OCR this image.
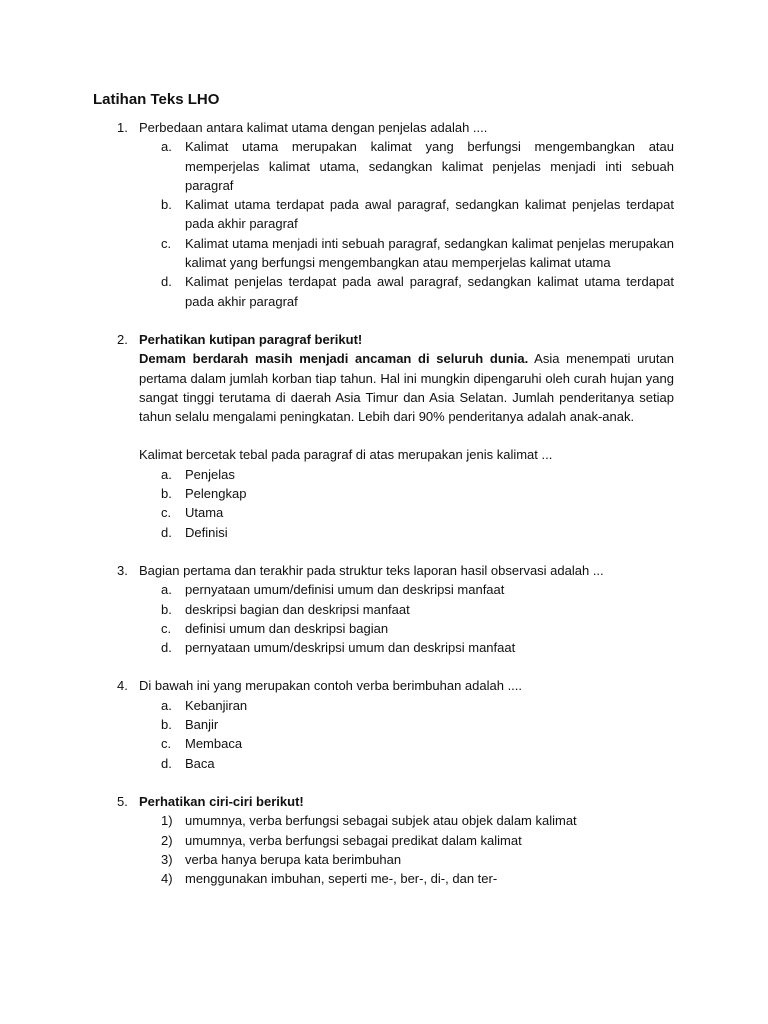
Latihan Teks LHO
1. Perbedaan antara kalimat utama dengan penjelas adalah ....
a. Kalimat utama merupakan kalimat yang berfungsi mengembangkan atau memperjelas kalimat utama, sedangkan kalimat penjelas menjadi inti sebuah paragraf
b. Kalimat utama terdapat pada awal paragraf, sedangkan kalimat penjelas terdapat pada akhir paragraf
c. Kalimat utama menjadi inti sebuah paragraf, sedangkan kalimat penjelas merupakan kalimat yang berfungsi mengembangkan atau memperjelas kalimat utama
d. Kalimat penjelas terdapat pada awal paragraf, sedangkan kalimat utama terdapat pada akhir paragraf
2. Perhatikan kutipan paragraf berikut!
Demam berdarah masih menjadi ancaman di seluruh dunia. Asia menempati urutan pertama dalam jumlah korban tiap tahun. Hal ini mungkin dipengaruhi oleh curah hujan yang sangat tinggi terutama di daerah Asia Timur dan Asia Selatan. Jumlah penderitanya setiap tahun selalu mengalami peningkatan. Lebih dari 90% penderitanya adalah anak-anak.
Kalimat bercetak tebal pada paragraf di atas merupakan jenis kalimat ...
a. Penjelas
b. Pelengkap
c. Utama
d. Definisi
3. Bagian pertama dan terakhir pada struktur teks laporan hasil observasi adalah ...
a. pernyataan umum/definisi umum dan deskripsi manfaat
b. deskripsi bagian dan deskripsi manfaat
c. definisi umum dan deskripsi bagian
d. pernyataan umum/deskripsi umum dan deskripsi manfaat
4. Di bawah ini yang merupakan contoh verba berimbuhan adalah ....
a. Kebanjiran
b. Banjir
c. Membaca
d. Baca
5. Perhatikan ciri-ciri berikut!
1) umumnya, verba berfungsi sebagai subjek atau objek dalam kalimat
2) umumnya, verba berfungsi sebagai predikat dalam kalimat
3) verba hanya berupa kata berimbuhan
4) menggunakan imbuhan, seperti me-, ber-, di-, dan ter-
